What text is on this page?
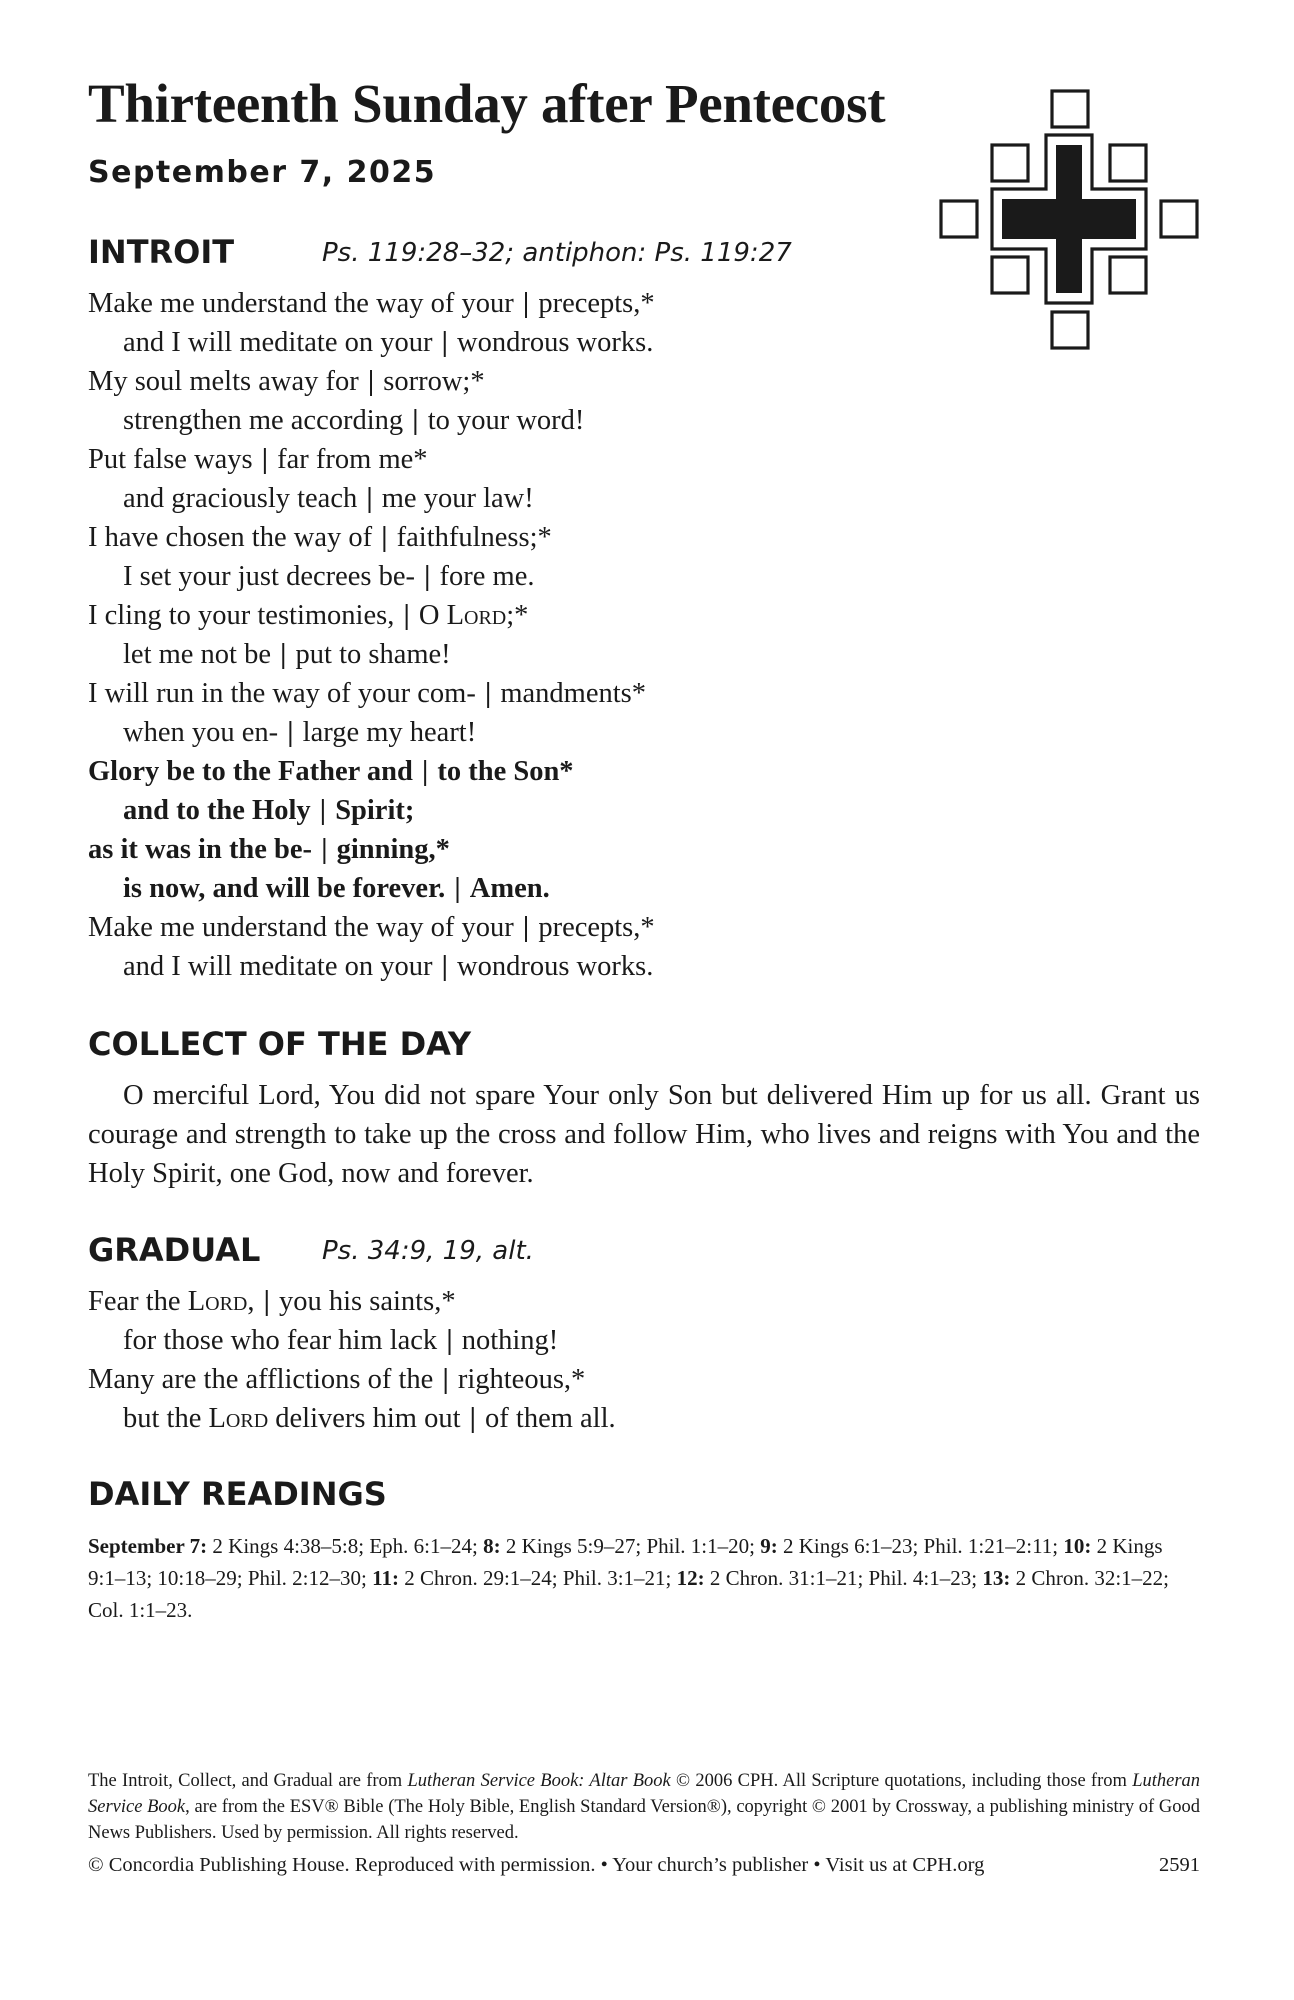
Thirteenth Sunday after Pentecost
September 7, 2025
INTROIT	Ps. 119:28–32; antiphon: Ps. 119:27
Make me understand the way of your | precepts,*
and I will meditate on your | wondrous works.
My soul melts away for | sorrow;*
strengthen me according | to your word!
Put false ways | far from me*
and graciously teach | me your law!
I have chosen the way of | faithfulness;*
I set your just decrees be- | fore me.
I cling to your testimonies, | O Lord;*
let me not be | put to shame!
I will run in the way of your com- | mandments*
when you en- | large my heart!
Glory be to the Father and | to the Son*
and to the Holy | Spirit;
as it was in the be- | ginning,*
is now, and will be forever. | Amen.
Make me understand the way of your | precepts,*
and I will meditate on your | wondrous works.
COLLECT OF THE DAY

O merciful Lord, You did not spare Your only Son but delivered Him up for us all. Grant us courage and strength to take up the cross and follow Him, who lives and reigns with You and the Holy Spirit, one God, now and forever.

GRADUAL Ps. 34:9, 19, alt.
Fear the Lord, | you his saints,*
for those who fear him lack | nothing!
Many are the afflictions of the | righteous,*
but the Lord delivers him out | of them all.
DAILY READINGS

September 7: 2 Kings 4:38–5:8; Eph. 6:1–24; 8: 2 Kings 5:9–27; Phil. 1:1–20; 9: 2 Kings 6:1–23; Phil. 1:21–2:11; 10: 2 Kings 9:1–13; 10:18–29; Phil. 2:12–30; 11: 2 Chron. 29:1–24; Phil. 3:1–21; 12: 2 Chron. 31:1–21; Phil. 4:1–23; 13: 2 Chron. 32:1–22; Col. 1:1–23.

The Introit, Collect, and Gradual are from Lutheran Service Book: Altar Book © 2006 CPH. All Scripture quotations, including those from Lutheran Service Book, are from the ESV® Bible (The Holy Bible, English Standard Version®), copyright © 2001 by Crossway, a publishing ministry of Good News Publishers. Used by permission. All rights reserved.

© Concordia Publishing House. Reproduced with permission. • Your church’s publisher • Visit us at CPH.org	2591
